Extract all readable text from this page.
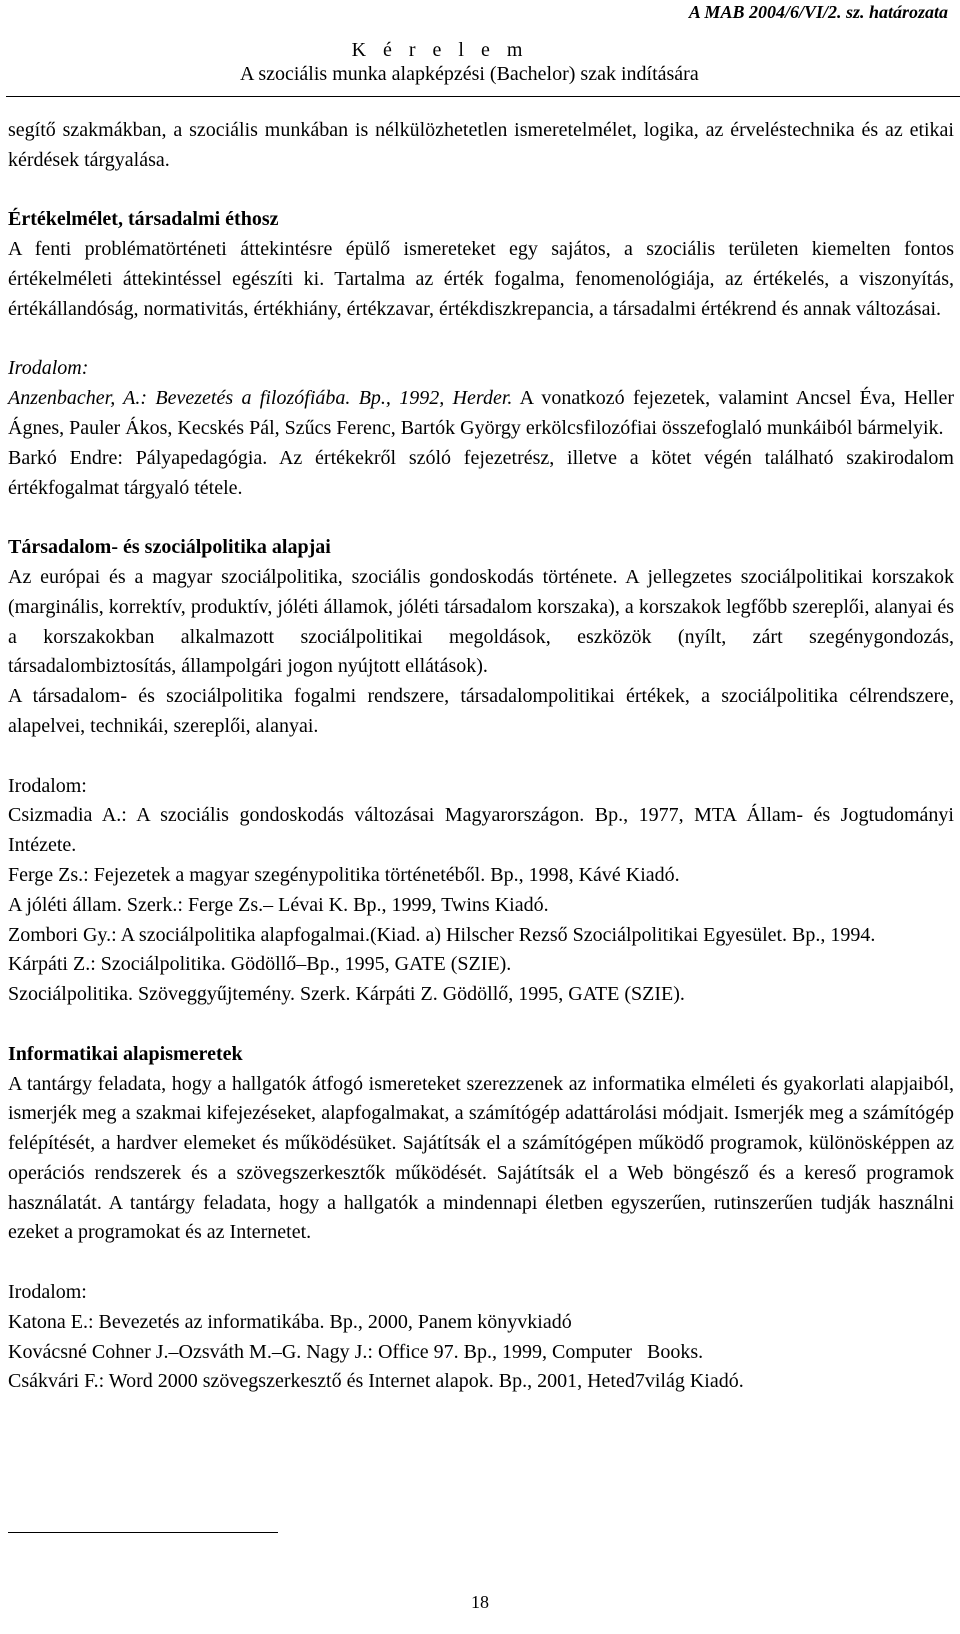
A MAB 2004/6/VI/2. sz. határozata
K é r e l e m
A szociális munka alapképzési (Bachelor) szak indítására

segítő szakmákban, a szociális munkában is nélkülözhetetlen ismeretelmélet, logika, az érveléstechnika és az etikai kérdések tárgyalása.

Értékelmélet, társadalmi éthosz

A fenti problématörténeti áttekintésre épülő ismereteket egy sajátos, a szociális területen kiemelten fontos értékelméleti áttekintéssel egészíti ki. Tartalma az érték fogalma, fenomenológiája, az értékelés, a viszonyítás, értékállandóság, normativitás, értékhiány, értékzavar, értékdiszkrepancia, a társadalmi értékrend és annak változásai.

Irodalom:

Anzenbacher, A.: Bevezetés a filozófiába. Bp., 1992, Herder. A vonatkozó fejezetek, valamint Ancsel Éva, Heller Ágnes, Pauler Ákos, Kecskés Pál, Szűcs Ferenc, Bartók György erkölcsfilozófiai összefoglaló munkáiból bármelyik.

Barkó Endre: Pályapedagógia. Az értékekről szóló fejezetrész, illetve a kötet végén található szakirodalom értékfogalmat tárgyaló tétele.

Társadalom- és szociálpolitika alapjai

Az európai és a magyar szociálpolitika, szociális gondoskodás története. A jellegzetes szociálpolitikai korszakok (marginális, korrektív, produktív, jóléti államok, jóléti társadalom korszaka), a korszakok legfőbb szereplői, alanyai és a korszakokban alkalmazott szociálpolitikai megoldások, eszközök (nyílt, zárt szegénygondozás, társadalombiztosítás, állampolgári jogon nyújtott ellátások).

A társadalom- és szociálpolitika fogalmi rendszere, társadalompolitikai értékek, a szociálpolitika célrendszere, alapelvei, technikái, szereplői, alanyai.

Irodalom:

Csizmadia A.: A szociális gondoskodás változásai Magyarországon. Bp., 1977, MTA Állam- és Jogtudományi Intézete.

Ferge Zs.: Fejezetek a magyar szegénypolitika történetéből. Bp., 1998, Kávé Kiadó.

A jóléti állam. Szerk.: Ferge Zs.– Lévai K. Bp., 1999, Twins Kiadó.

Zombori Gy.: A szociálpolitika alapfogalmai.(Kiad. a) Hilscher Rezső Szociálpolitikai Egyesület. Bp., 1994.

Kárpáti Z.: Szociálpolitika. Gödöllő–Bp., 1995, GATE (SZIE).

Szociálpolitika. Szöveggyűjtemény. Szerk. Kárpáti Z. Gödöllő, 1995, GATE (SZIE).

Informatikai alapismeretek

A tantárgy feladata, hogy a hallgatók átfogó ismereteket szerezzenek az informatika elméleti és gyakorlati alapjaiból, ismerjék meg a szakmai kifejezéseket, alapfogalmakat, a számítógép adattárolási módjait. Ismerjék meg a számítógép felépítését, a hardver elemeket és működésüket. Sajátítsák el a számítógépen működő programok, különösképpen az operációs rendszerek és a szövegszerkesztők működését. Sajátítsák el a Web böngésző és a kereső programok használatát. A tantárgy feladata, hogy a hallgatók a mindennapi életben egyszerűen, rutinszerűen tudják használni ezeket a programokat és az Internetet.

Irodalom:

Katona E.: Bevezetés az informatikába. Bp., 2000, Panem könyvkiadó

Kovácsné Cohner J.–Ozsváth M.–G. Nagy J.: Office 97. Bp., 1999, Computer   Books.

Csákvári F.: Word 2000 szövegszerkesztő és Internet alapok. Bp., 2001, Heted7világ Kiadó.

18
